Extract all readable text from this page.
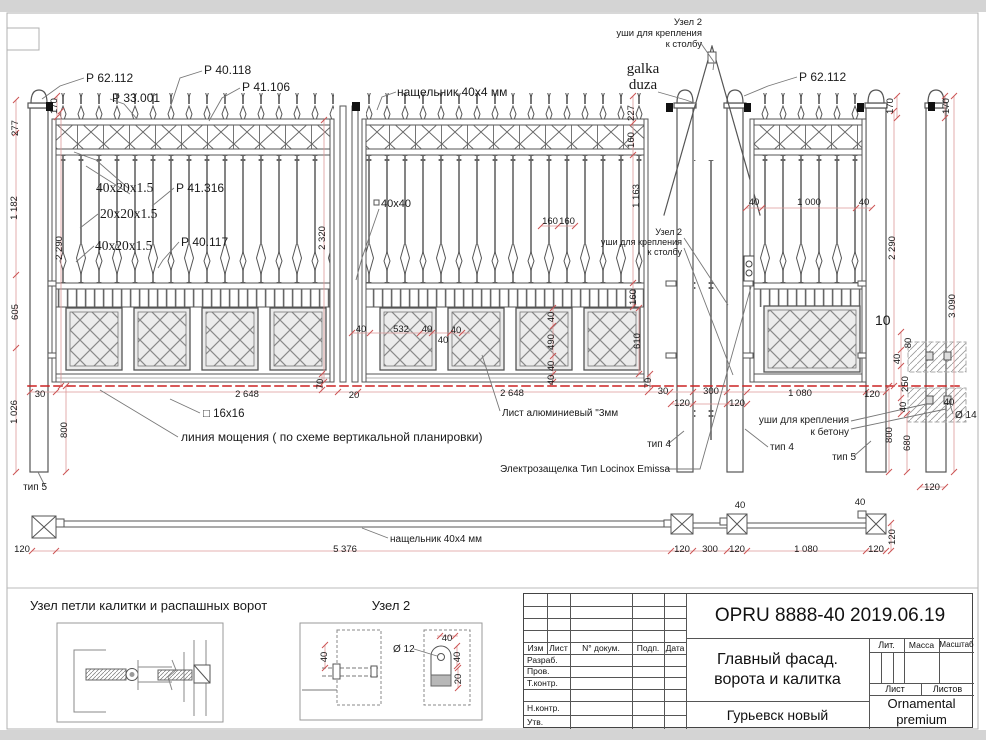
Р 62.112
Р 33.001
Р 40.118
Р 41.106	нащельник 40x4 мм
Узел 2
уши для крепления
к столбу
galka
duza	Р 62.112
40x20x1.5 Р 41.316
20x20x1.5
40x20x1.5 Р 40.117
40x40
Узел 2
уши для крепления
к столбу
линия мощения ( по схеме вертикальной планировки)
□ 16x16	Лист алюминиевый "3мм
Электрозащелка Тип Locinox Emissa
уши для крепления
к бетону
тип 5
тип 4	тип 4
тип 5
Ø 14
10
нащельник 40x4 мм
Узел петли калитки и распашных ворот	Узел 2
Ø 12
170
277
1 182
605
1 026
2 290
800
30	2 648	20
70
2 320
2 648	30	300	1 080
120	120
120
160 160
227
160
1 163
160
610
70
40	532 40 40
40
40
490
40
40
40	1 000	40
2 290
170
3 090
170
80
40
250
40	40
800
680
120
120	5 376	120 300 120	1 080	120
40	40
120
40
40
40
20
OPRU 8888-40 2019.06.19
Главный фасад.
ворота и калитка
Гурьевск новый
Ornamental
premium
Лит.	Масса Масштаб
Лист	Листов
Изм Лист	N° докум.	Подп. Дата
Разраб.
Пров.
Т.контр.
Н.контр.
Утв.
